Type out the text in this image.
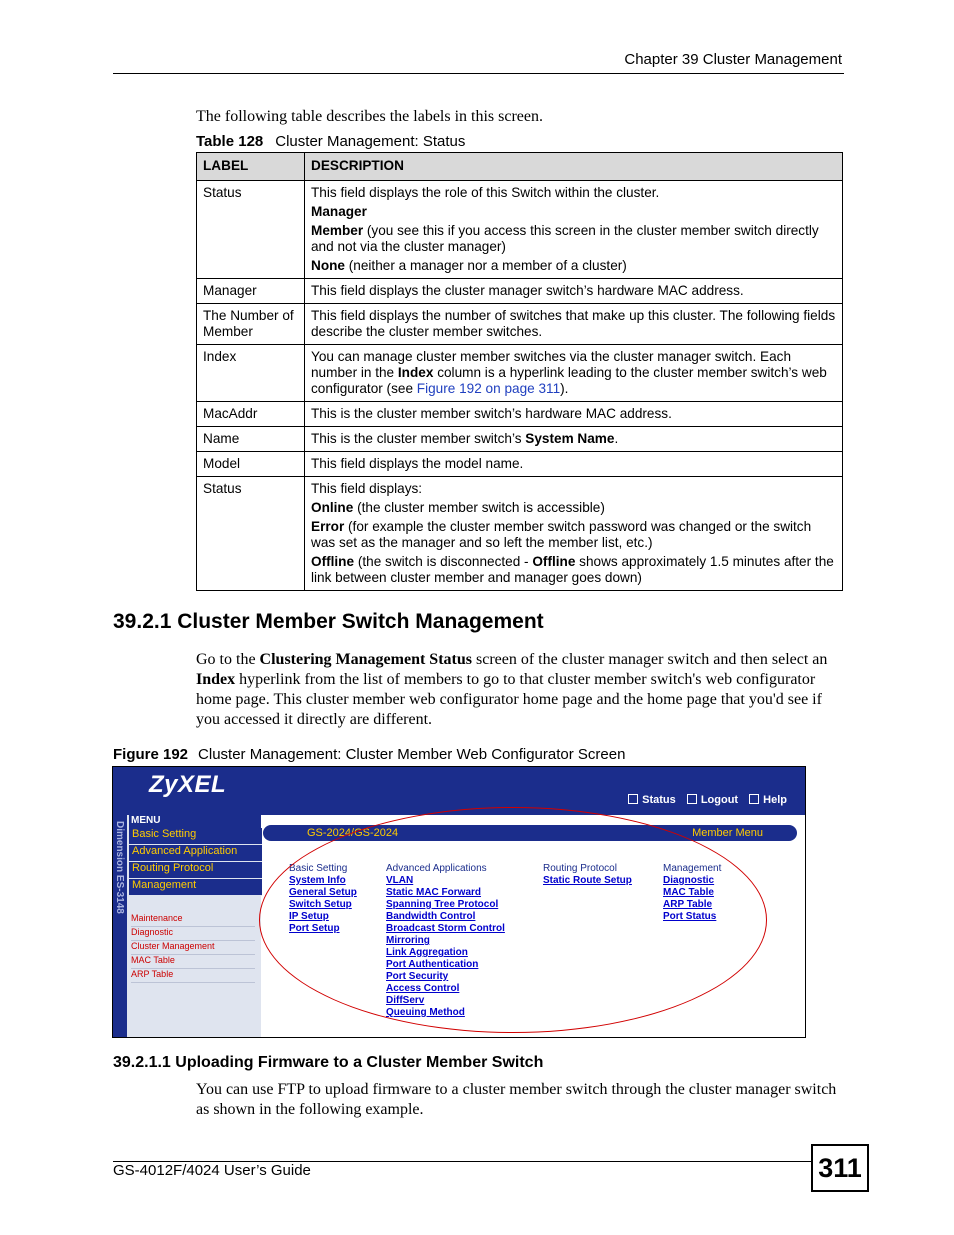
Chapter 39 Cluster Management
The following table describes the labels in this screen.
Table 128 Cluster Management: Status
LABEL	DESCRIPTION
Status	This field displays the role of this Switch within the cluster.

Manager

Member (you see this if you access this screen in the cluster member switch directly and not via the cluster manager)

None (neither a manager nor a member of a cluster)

Manager	This field displays the cluster manager switch’s hardware MAC address.
The Number of Member	This field displays the number of switches that make up this cluster. The following fields describe the cluster member switches.
Index	You can manage cluster member switches via the cluster manager switch. Each number in the Index column is a hyperlink leading to the cluster member switch’s web configurator (see Figure 192 on page 311).
MacAddr	This is the cluster member switch’s hardware MAC address.
Name	This is the cluster member switch’s System Name.
Model	This field displays the model name.
Status	This field displays:

Online (the cluster member switch is accessible)

Error (for example the cluster member switch password was changed or the switch was set as the manager and so left the member list, etc.)

Offline (the switch is disconnected - Offline shows approximately 1.5 minutes after the link between cluster member and manager goes down)

39.2.1 Cluster Member Switch Management
Go to the Clustering Management Status screen of the cluster manager switch and then select an Index hyperlink from the list of members to go to that cluster member switch's web configurator home page. This cluster member web configurator home page and the home page that you'd see if you accessed it directly are different.
Figure 192 Cluster Management: Cluster Member Web Configurator Screen
ZyXEL
Status Logout Help
Dimension ES-3148
MENU
Basic Setting
Advanced Application
Routing Protocol
Management
Maintenance
Diagnostic
Cluster Management
MAC Table
ARP Table
GS-2024/GS-2024	Member Menu
Basic Setting
System Info
General Setup
Switch Setup
IP Setup
Port Setup
Advanced Applications
VLAN
Static MAC Forward
Spanning Tree Protocol
Bandwidth Control
Broadcast Storm Control
Mirroring
Link Aggregation
Port Authentication
Port Security
Access Control
DiffServ
Queuing Method
Routing Protocol
Static Route Setup
Management
Diagnostic
MAC Table
ARP Table
Port Status
39.2.1.1 Uploading Firmware to a Cluster Member Switch
You can use FTP to upload firmware to a cluster member switch through the cluster manager switch as shown in the following example.
GS-4012F/4024 User’s Guide	311
